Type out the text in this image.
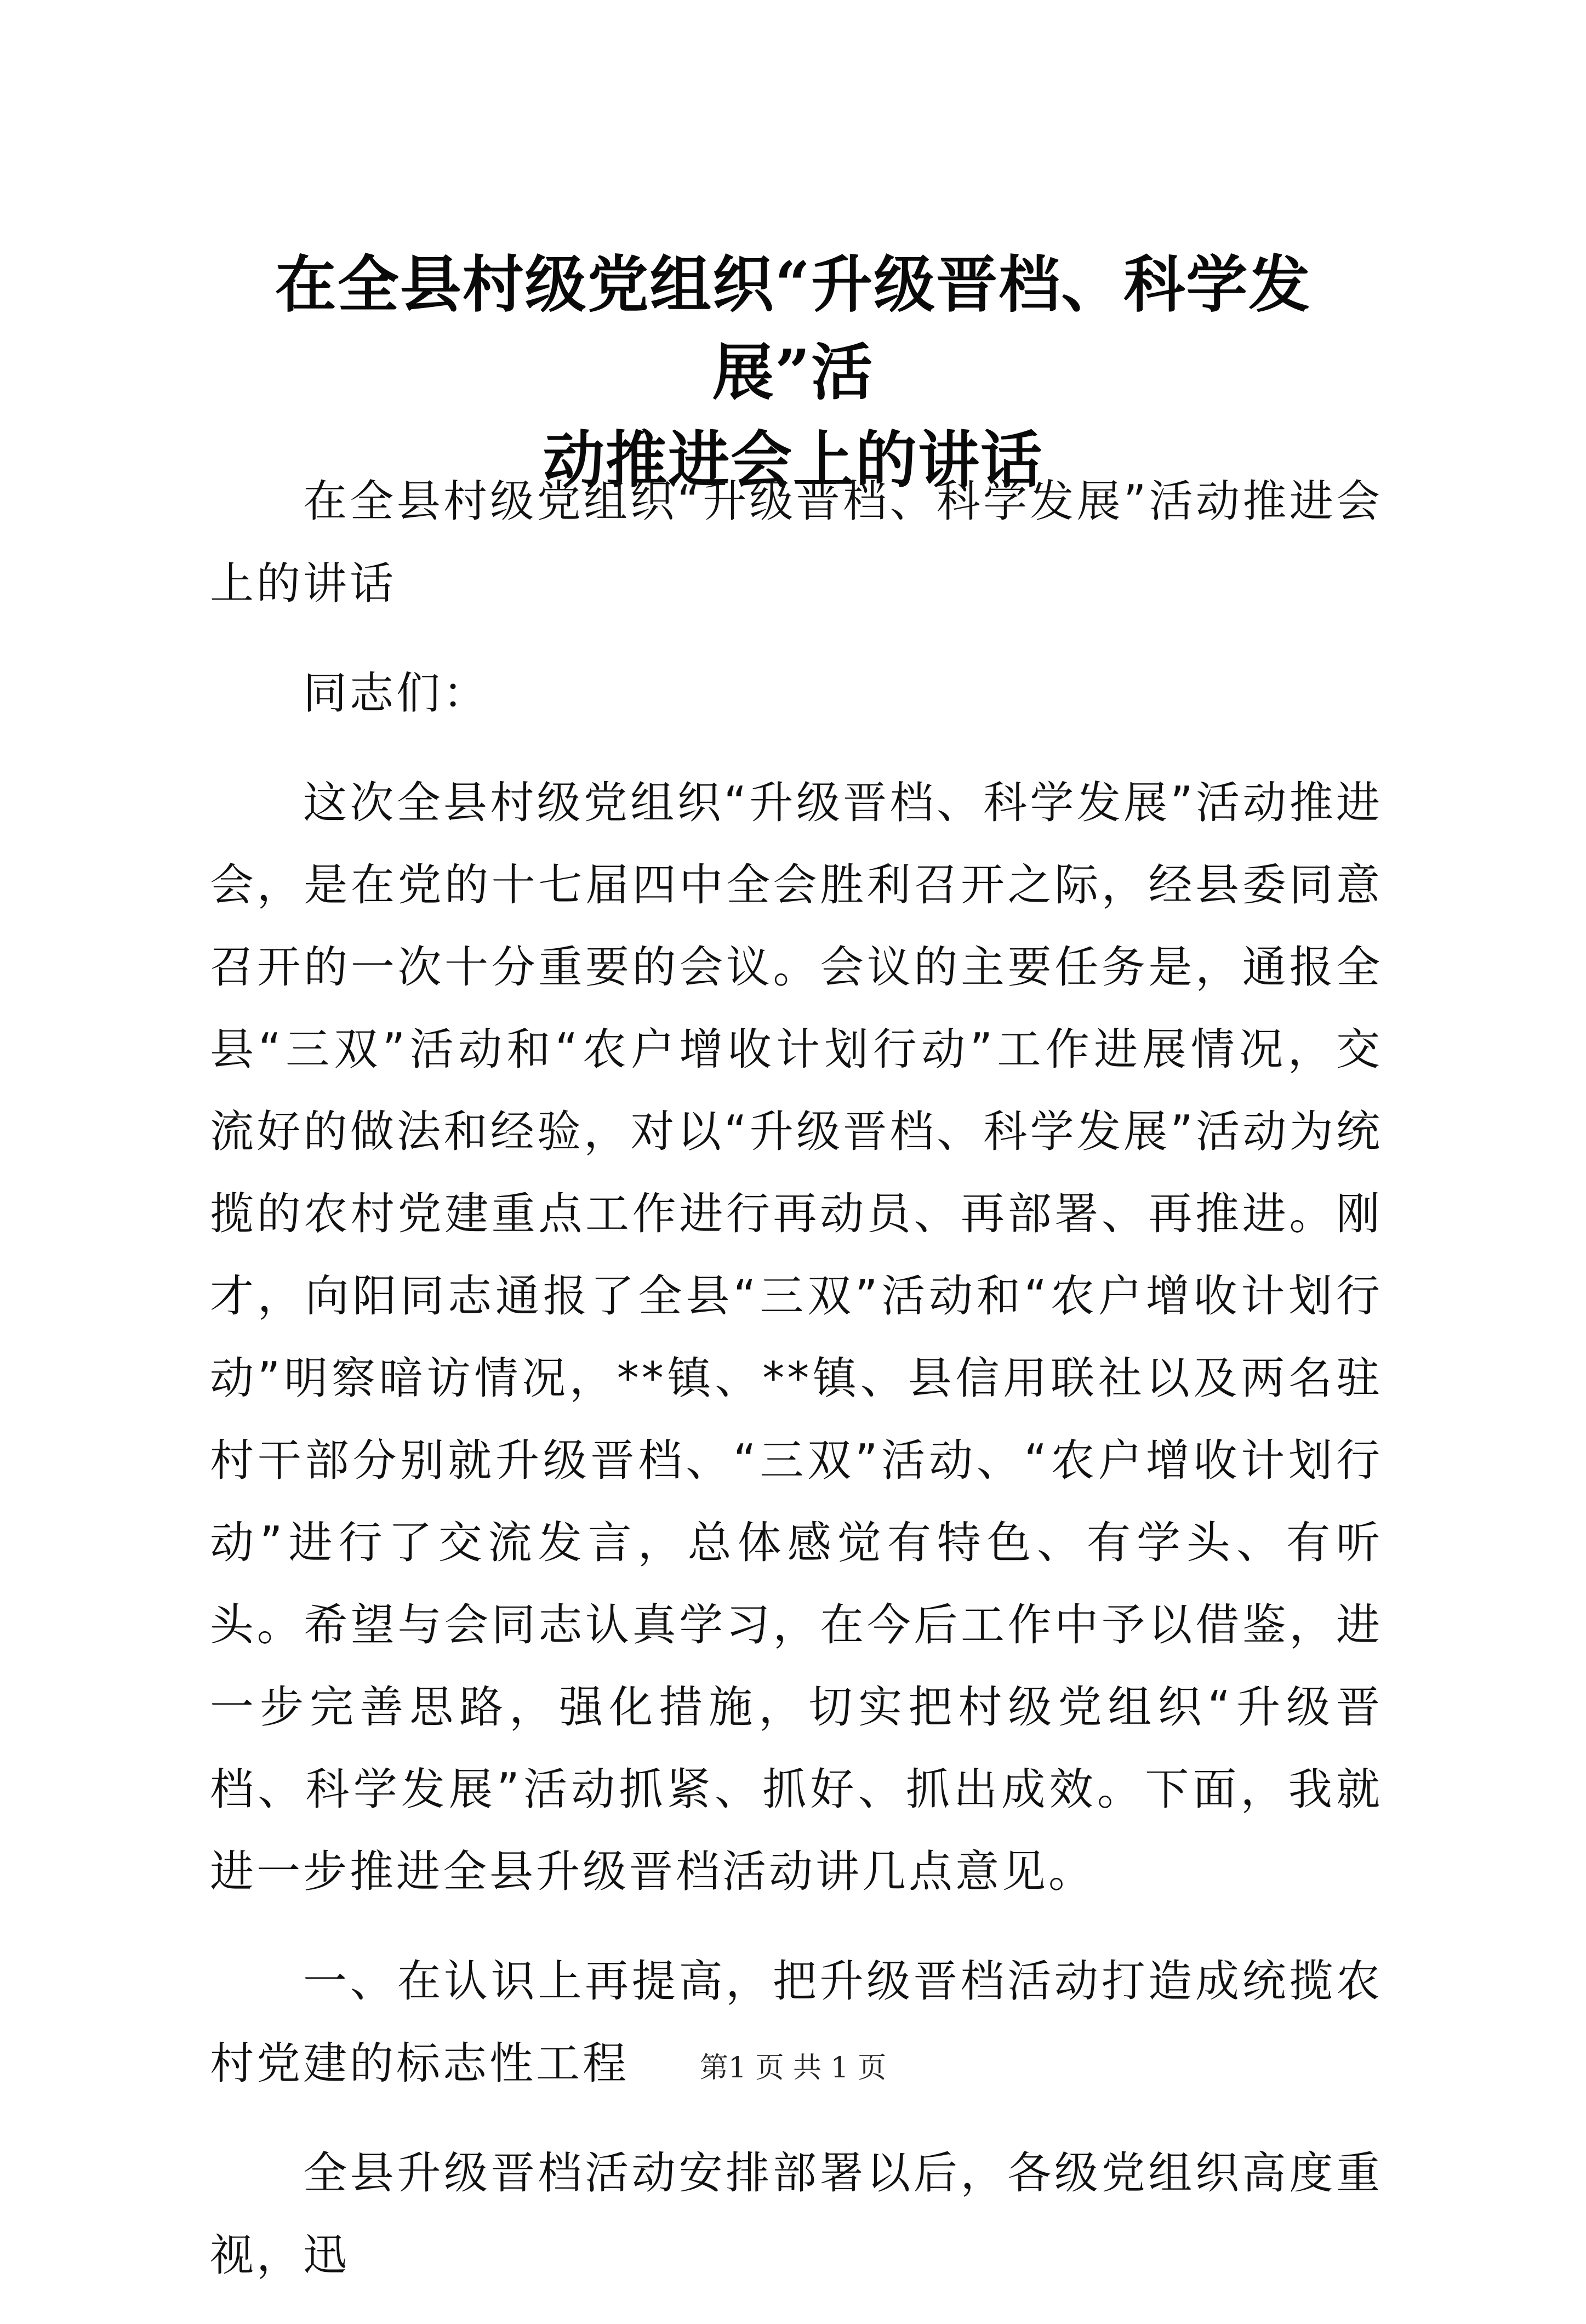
在全县村级党组织“升级晋档、科学发展”活
动推进会上的讲话

在全县村级党组织“升级晋档、科学发展”活动推进会上的讲话

同志们：

这次全县村级党组织“升级晋档、科学发展”活动推进会，是在党的十七届四中全会胜利召开之际，经县委同意召开的一次十分重要的会议。会议的主要任务是，通报全县“三双”活动和“农户增收计划行动”工作进展情况，交流好的做法和经验，对以“升级晋档、科学发展”活动为统揽的农村党建重点工作进行再动员、再部署、再推进。刚才，向阳同志通报了全县“三双”活动和“农户增收计划行动”明察暗访情况，**镇、**镇、县信用联社以及两名驻村干部分别就升级晋档、“三双”活动、“农户增收计划行动”进行了交流发言，总体感觉有特色、有学头、有听头。希望与会同志认真学习，在今后工作中予以借鉴，进一步完善思路，强化措施，切实把村级党组织“升级晋档、科学发展”活动抓紧、抓好、抓出成效。下面，我就进一步推进全县升级晋档活动讲几点意见。

一、在认识上再提高，把升级晋档活动打造成统揽农村党建的标志性工程

全县升级晋档活动安排部署以后，各级党组织高度重视，迅

第1 页 共 1 页
